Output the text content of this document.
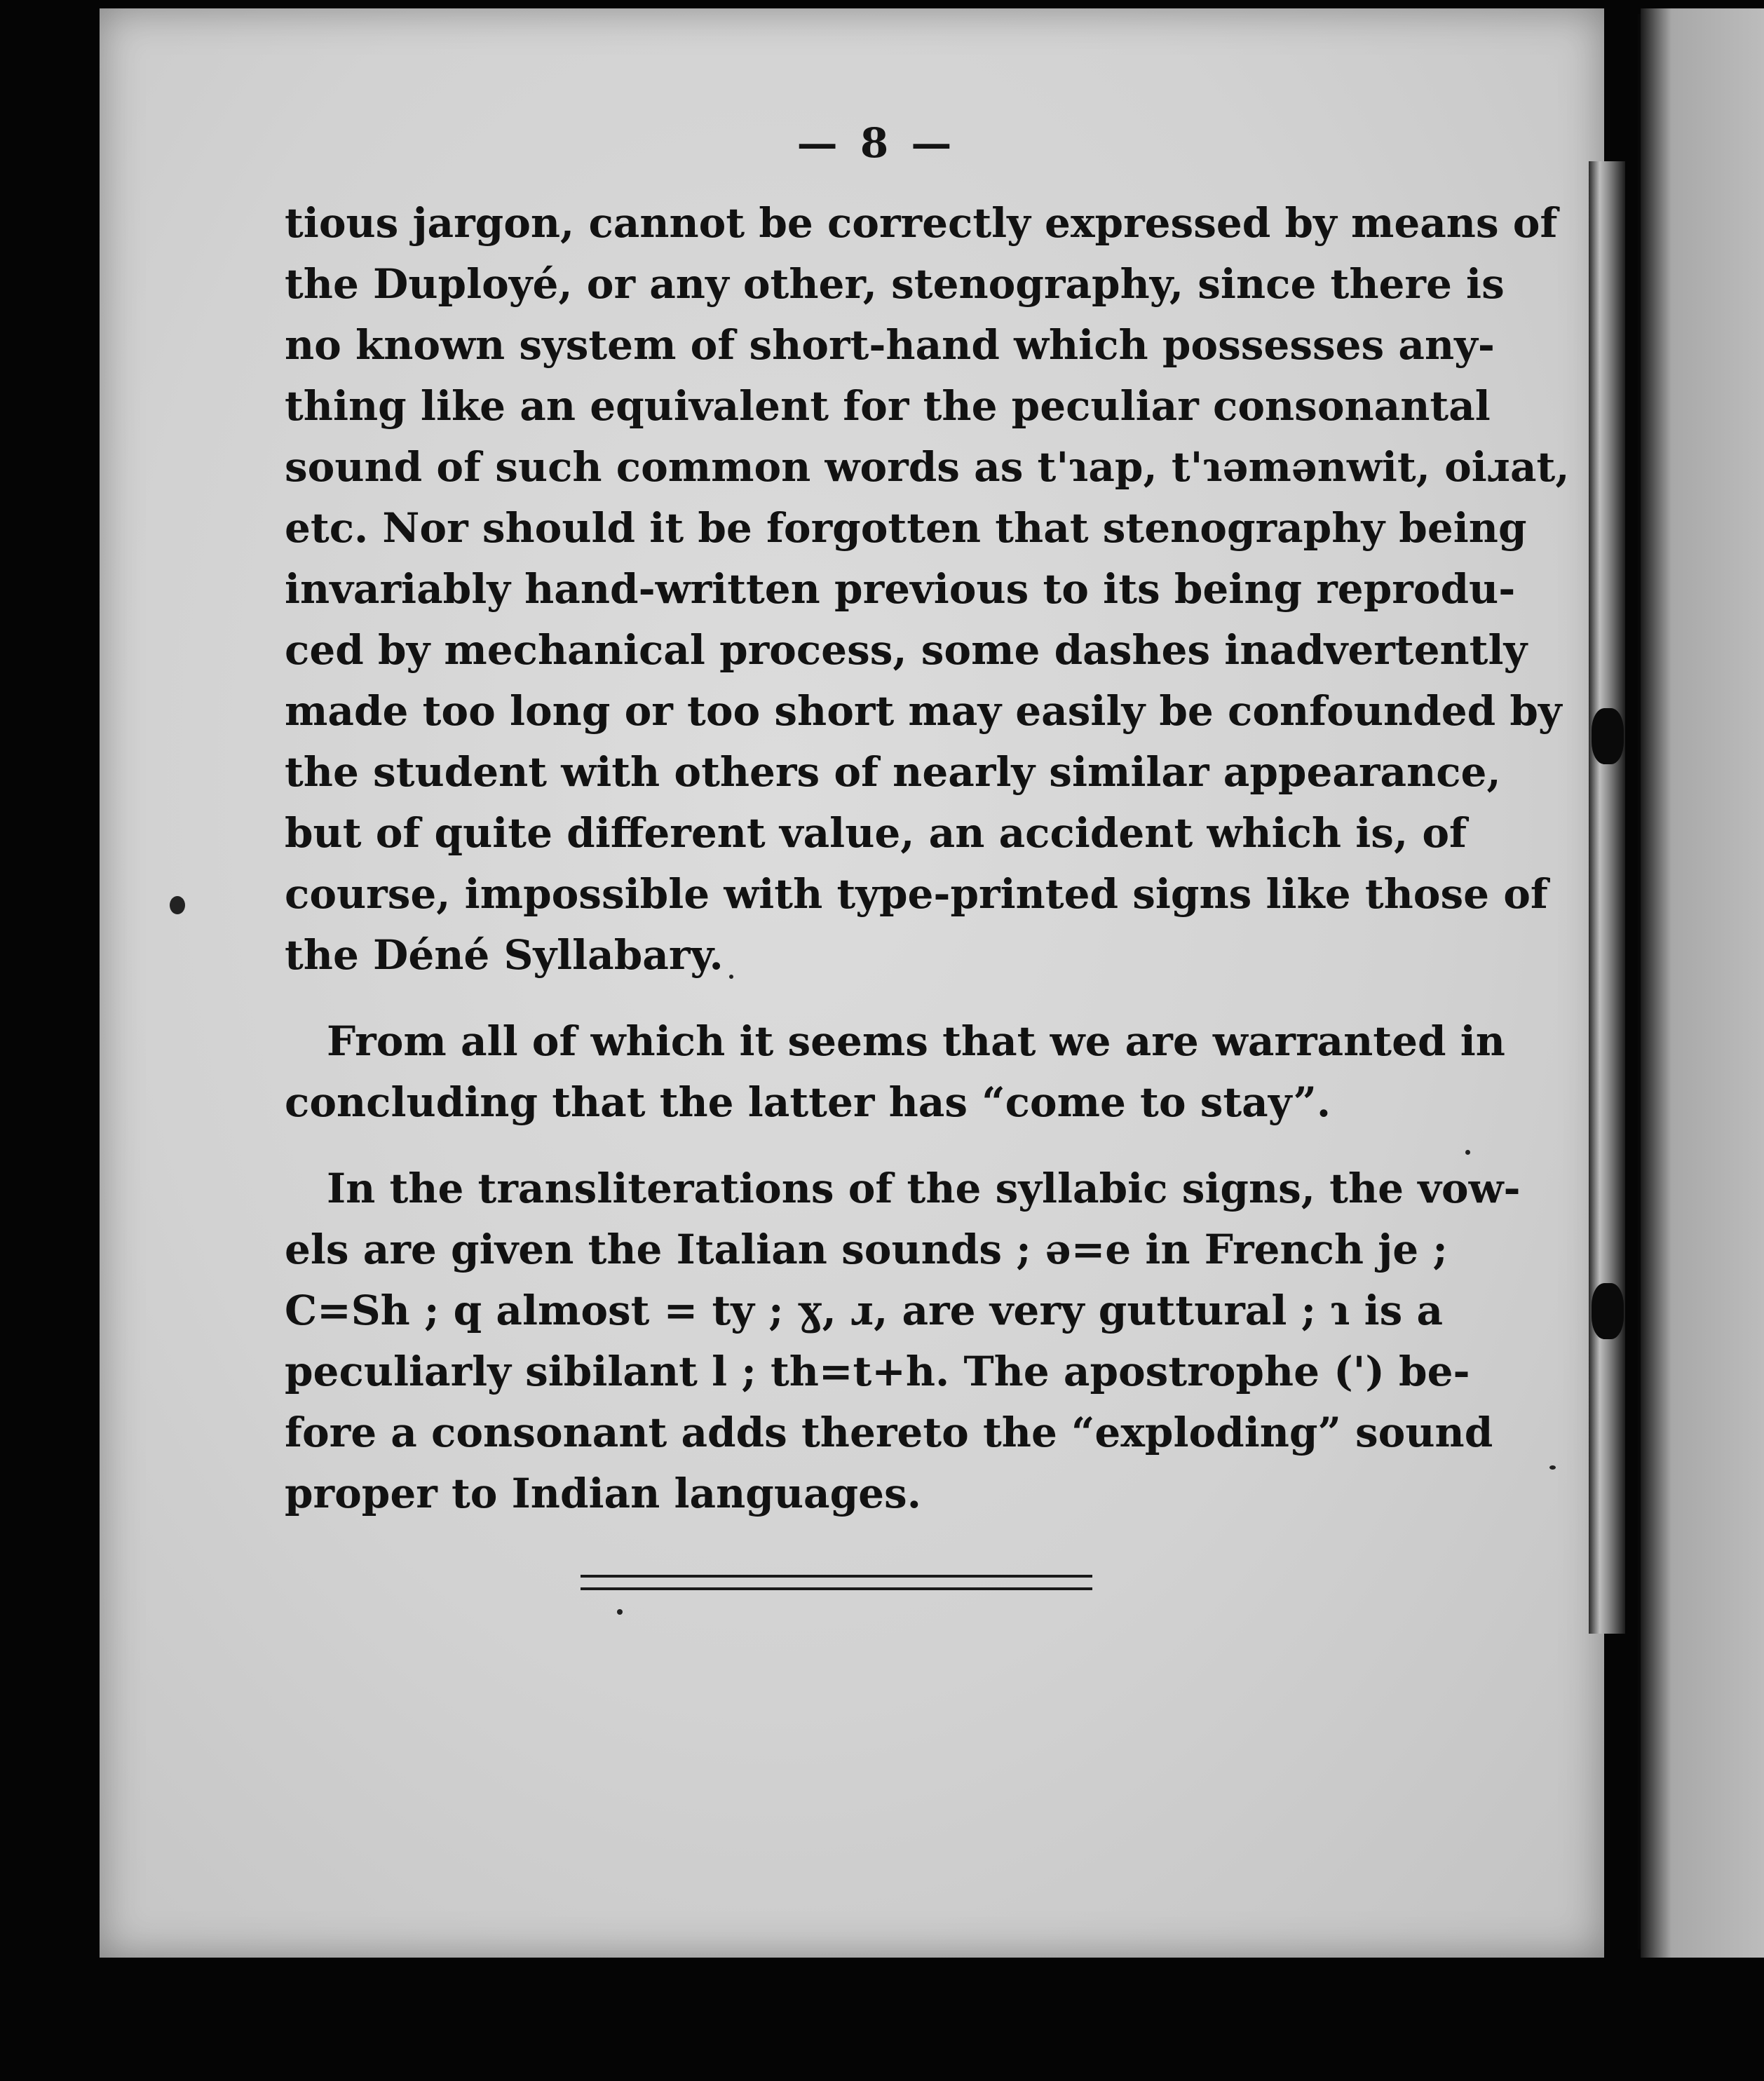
— 8 —
tious jargon, cannot be correctly expressed by means of
the Duployé, or any other, stenography, since there is
no known system of short-hand which possesses any-
thing like an equivalent for the peculiar consonantal
sound of such common words as t'ɿap, t'ɿəmənwit, oiɹat,
etc. Nor should it be forgotten that stenography being
invariably hand-written previous to its being reprodu-
ced by mechanical process, some dashes inadvertently
made too long or too short may easily be confounded by
the student with others of nearly similar appearance,
but of quite different value, an accident which is, of
course, impossible with type-printed signs like those of
the Déné Syllabary.
From all of which it seems that we are warranted in
concluding that the latter has “come to stay”.
In the transliterations of the syllabic signs, the vow-
els are given the Italian sounds ; ə=e in French je ;
C=Sh ; q almost = ty ; ɣ, ɹ, are very guttural ; ɿ is a
peculiarly sibilant l ; th=t+h. The apostrophe (') be-
fore a consonant adds thereto the “exploding” sound
proper to Indian languages.
